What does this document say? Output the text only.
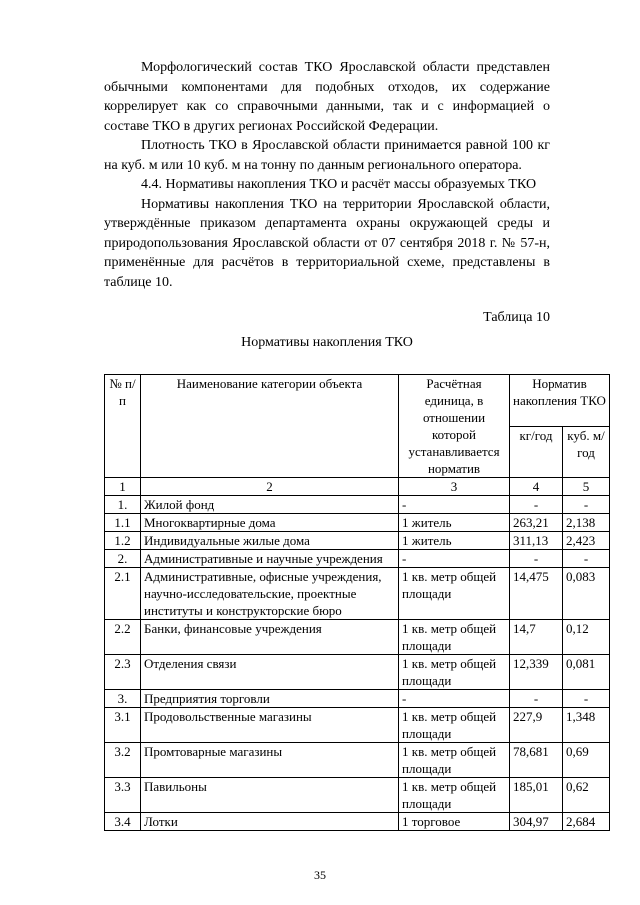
Морфологический состав ТКО Ярославской области представлен обычными компонентами для подобных отходов, их содержание коррелирует как со справочными данными, так и с информацией о составе ТКО в других регионах Российской Федерации.

Плотность ТКО в Ярославской области принимается равной 100 кг на куб. м или 10 куб. м на тонну по данным регионального оператора.

4.4. Нормативы накопления ТКО и расчёт массы образуемых ТКО

Нормативы накопления ТКО на территории Ярославской области, утверждённые приказом департамента охраны окружающей среды и природопользования Ярославской области от 07 сентября 2018 г. № 57-н, применённые для расчётов в территориальной схеме, представлены в таблице 10.

Таблица 10
Нормативы накопления ТКО
№ п/п	Наименование категории объекта	Расчётная единица, в отношении которой устанавливается норматив	Норматив накопления ТКО	
			кг/год	куб. м/год
1	2	3	4	5
1.	Жилой фонд	-	-	-
1.1	Многоквартирные дома	1 житель	263,21	2,138
1.2	Индивидуальные жилые дома	1 житель	311,13	2,423
2.	Административные и научные учреждения	-	-	-
2.1	Административные, офисные учреждения, научно-исследовательские, проектные институты и конструкторские бюро	1 кв. метр общей площади	14,475	0,083
2.2	Банки, финансовые учреждения	1 кв. метр общей площади	14,7	0,12
2.3	Отделения связи	1 кв. метр общей площади	12,339	0,081
3.	Предприятия торговли	-	-	-
3.1	Продовольственные магазины	1 кв. метр общей площади	227,9	1,348
3.2	Промтоварные магазины	1 кв. метр общей площади	78,681	0,69
3.3	Павильоны	1 кв. метр общей площади	185,01	0,62
3.4	Лотки	1 торговое	304,97	2,684
35
